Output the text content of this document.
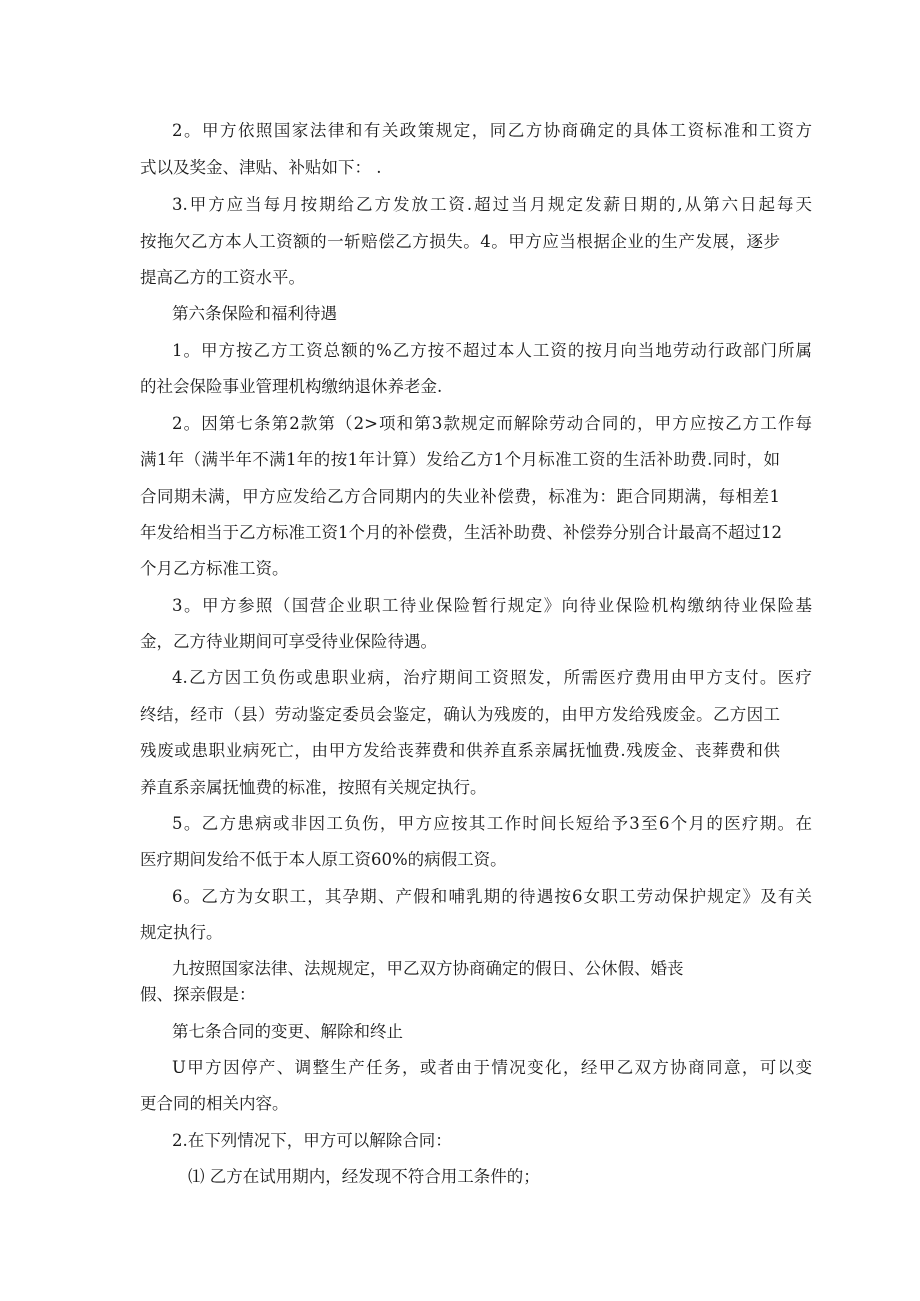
2。甲方依照国家法律和有关政策规定，同乙方协商确定的具体工资标准和工资方
式以及奖金、津贴、补贴如下： .
3.甲方应当每月按期给乙方发放工资.超过当月规定发薪日期的,从第六日起每天
按拖欠乙方本人工资额的一斩赔偿乙方损失。4。甲方应当根据企业的生产发展，逐步
提高乙方的工资水平。
第六条保险和福利待遇
1。甲方按乙方工资总额的%乙方按不超过本人工资的按月向当地劳动行政部门所属
的社会保险事业管理机构缴纳退休养老金.
2。因第七条第2款第（2>项和第3款规定而解除劳动合同的，甲方应按乙方工作每
满1年（满半年不满1年的按1年计算）发给乙方1个月标准工资的生活补助费.同时，如
合同期未满，甲方应发给乙方合同期内的失业补偿费，标准为：距合同期满，每相差1
年发给相当于乙方标准工资1个月的补偿费，生活补助费、补偿券分别合计最高不超过12
个月乙方标准工资。
3。甲方参照（国营企业职工待业保险暂行规定》向待业保险机构缴纳待业保险基
金，乙方待业期间可享受待业保险待遇。
4.乙方因工负伤或患职业病，治疗期间工资照发，所需医疗费用由甲方支付。医疗
终结，经市（县）劳动鉴定委员会鉴定，确认为残废的，由甲方发给残废金。乙方因工
残废或患职业病死亡，由甲方发给丧葬费和供养直系亲属抚恤费.残废金、丧葬费和供
养直系亲属抚恤费的标准，按照有关规定执行。
5。乙方患病或非因工负伤，甲方应按其工作时间长短给予3至6个月的医疗期。在
医疗期间发给不低于本人原工资60%的病假工资。
6。乙方为女职工，其孕期、产假和哺乳期的待遇按6女职工劳动保护规定》及有关
规定执行。
九按照国家法律、法规规定，甲乙双方协商确定的假日、公休假、婚丧
假、探亲假是：
第七条合同的变更、解除和终止
U甲方因停产、调整生产任务，或者由于情况变化，经甲乙双方协商同意，可以变
更合同的相关内容。
2.在下列情况下，甲方可以解除合同：
⑴ 乙方在试用期内，经发现不符合用工条件的；
